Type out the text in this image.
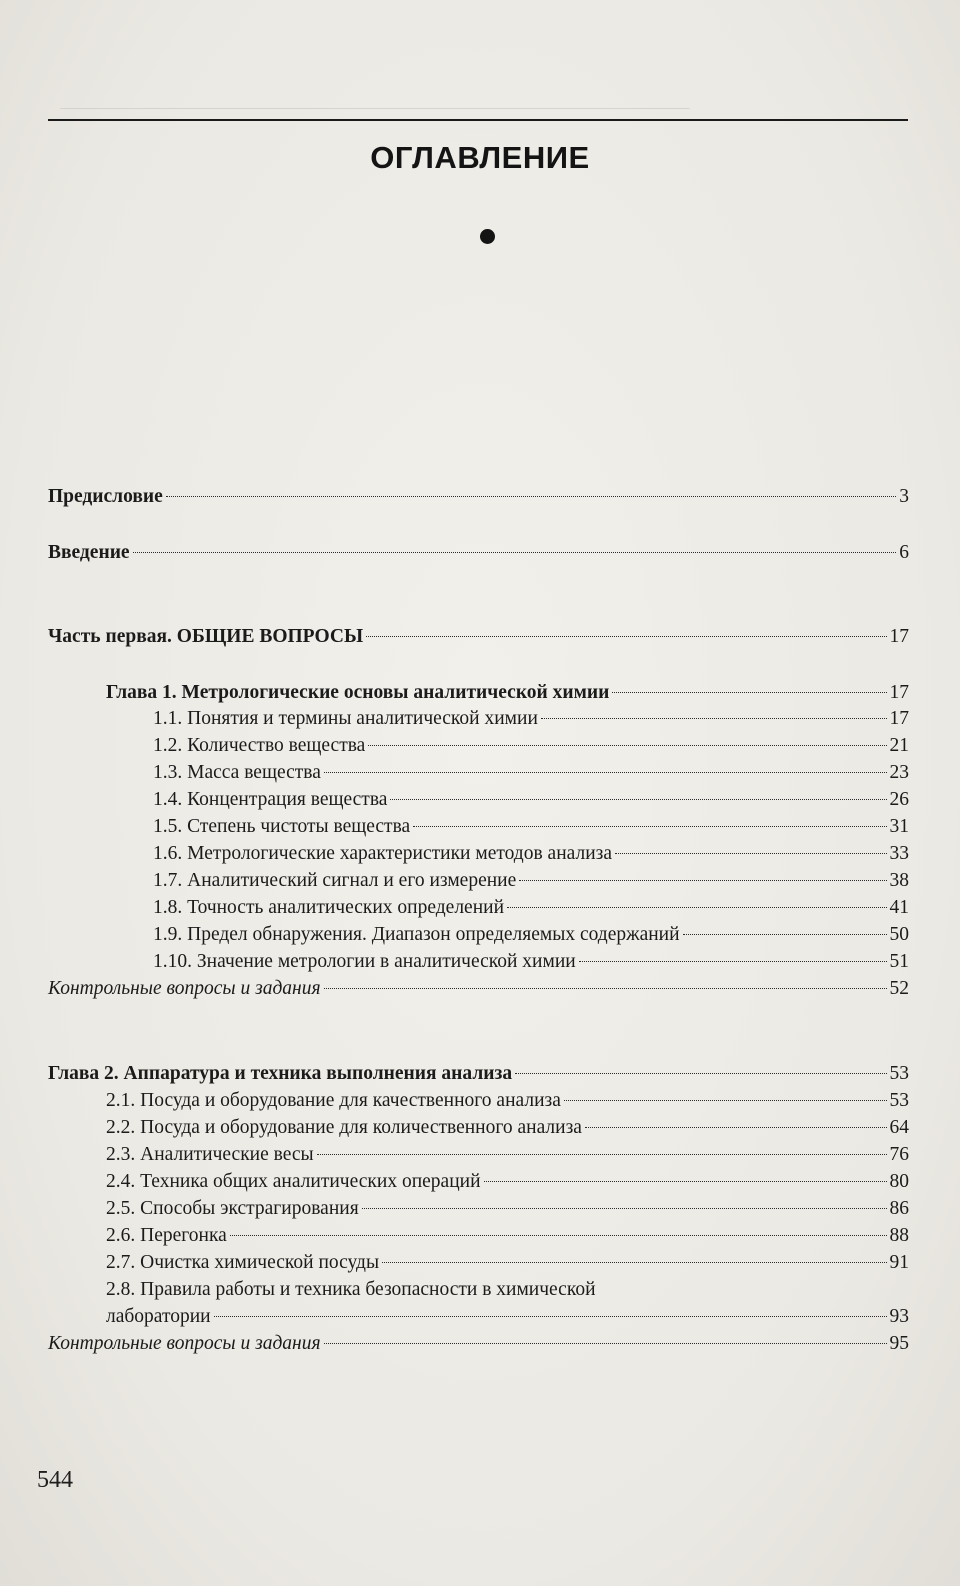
———————————————————————————————
ОГЛАВЛЕНИЕ
Предисловие	3
Введение	6
Часть первая. ОБЩИЕ ВОПРОСЫ	17
Глава 1. Метрологические основы аналитической химии	17
1.1. Понятия и термины аналитической химии	17
1.2. Количество вещества	21
1.3. Масса вещества	23
1.4. Концентрация вещества	26
1.5. Степень чистоты вещества	31
1.6. Метрологические характеристики методов анализа	33
1.7. Аналитический сигнал и его измерение	38
1.8. Точность аналитических определений	41
1.9. Предел обнаружения. Диапазон определяемых содержаний	50
1.10. Значение метрологии в аналитической химии	51
Контрольные вопросы и задания	52
Глава 2. Аппаратура и техника выполнения анализа	53
2.1. Посуда и оборудование для качественного анализа	53
2.2. Посуда и оборудование для количественного анализа	64
2.3. Аналитические весы	76
2.4. Техника общих аналитических операций	80
2.5. Способы экстрагирования	86
2.6. Перегонка	88
2.7. Очистка химической посуды	91
2.8. Правила работы и техника безопасности в химической
лаборатории	93
Контрольные вопросы и задания	95
544
